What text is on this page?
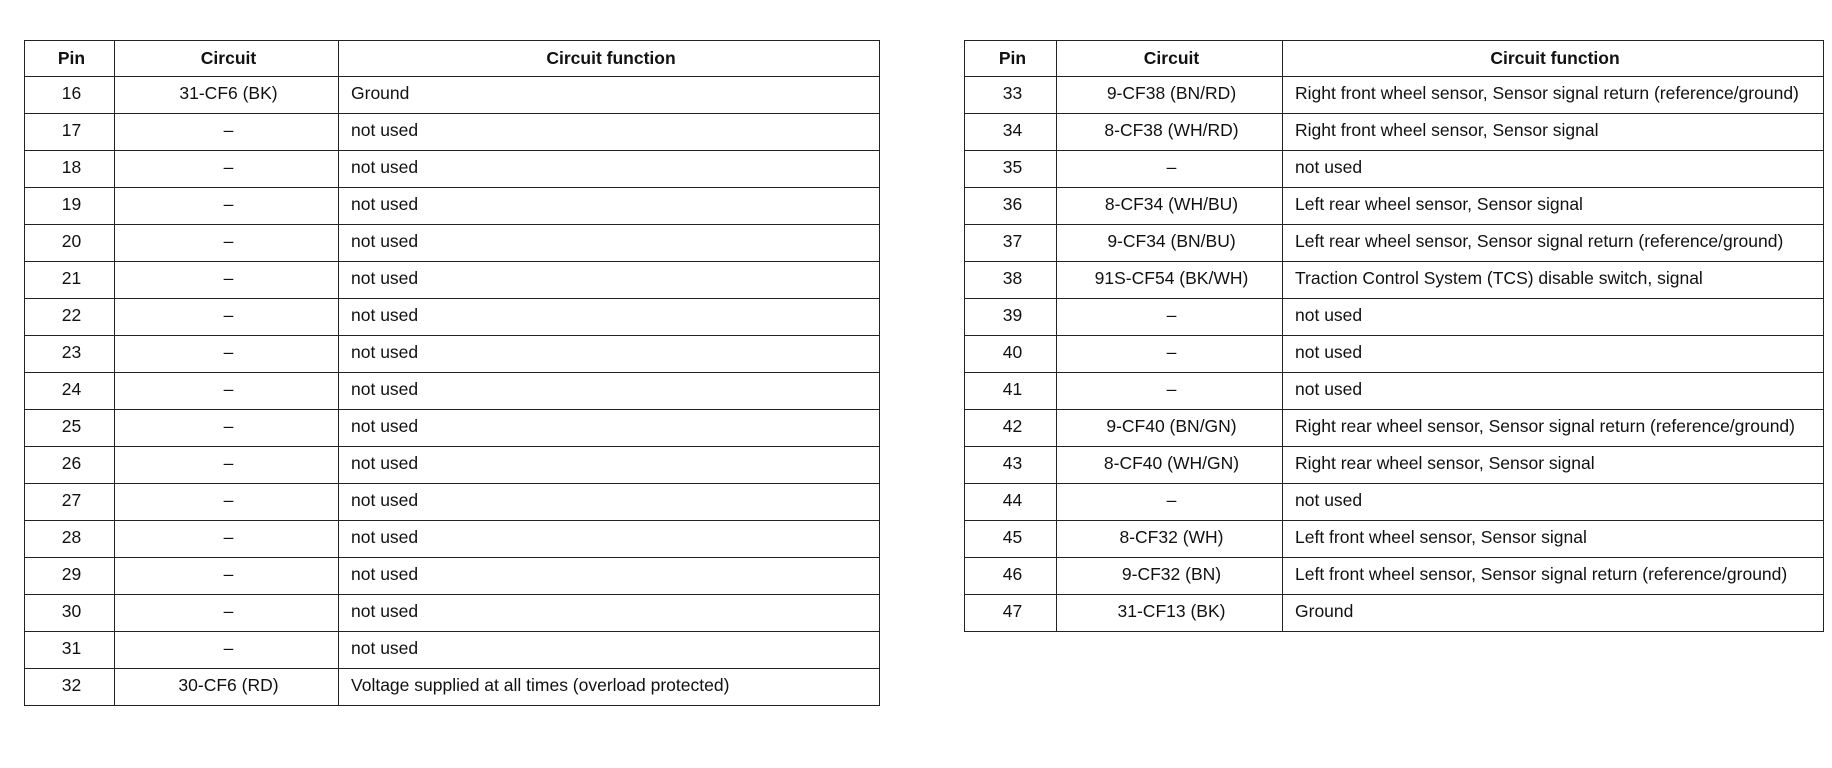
Pin	Circuit	Circuit function
16	31-CF6 (BK)	Ground
17	–	not used
18	–	not used
19	–	not used
20	–	not used
21	–	not used
22	–	not used
23	–	not used
24	–	not used
25	–	not used
26	–	not used
27	–	not used
28	–	not used
29	–	not used
30	–	not used
31	–	not used
32	30-CF6 (RD)	Voltage supplied at all times (overload protected)
Pin	Circuit	Circuit function
33	9-CF38 (BN/RD)	Right front wheel sensor, Sensor signal return (reference/ground)
34	8-CF38 (WH/RD)	Right front wheel sensor, Sensor signal
35	–	not used
36	8-CF34 (WH/BU)	Left rear wheel sensor, Sensor signal
37	9-CF34 (BN/BU)	Left rear wheel sensor, Sensor signal return (reference/ground)
38	91S-CF54 (BK/WH)	Traction Control System (TCS) disable switch, signal
39	–	not used
40	–	not used
41	–	not used
42	9-CF40 (BN/GN)	Right rear wheel sensor, Sensor signal return (reference/ground)
43	8-CF40 (WH/GN)	Right rear wheel sensor, Sensor signal
44	–	not used
45	8-CF32 (WH)	Left front wheel sensor, Sensor signal
46	9-CF32 (BN)	Left front wheel sensor, Sensor signal return (reference/ground)
47	31-CF13 (BK)	Ground
